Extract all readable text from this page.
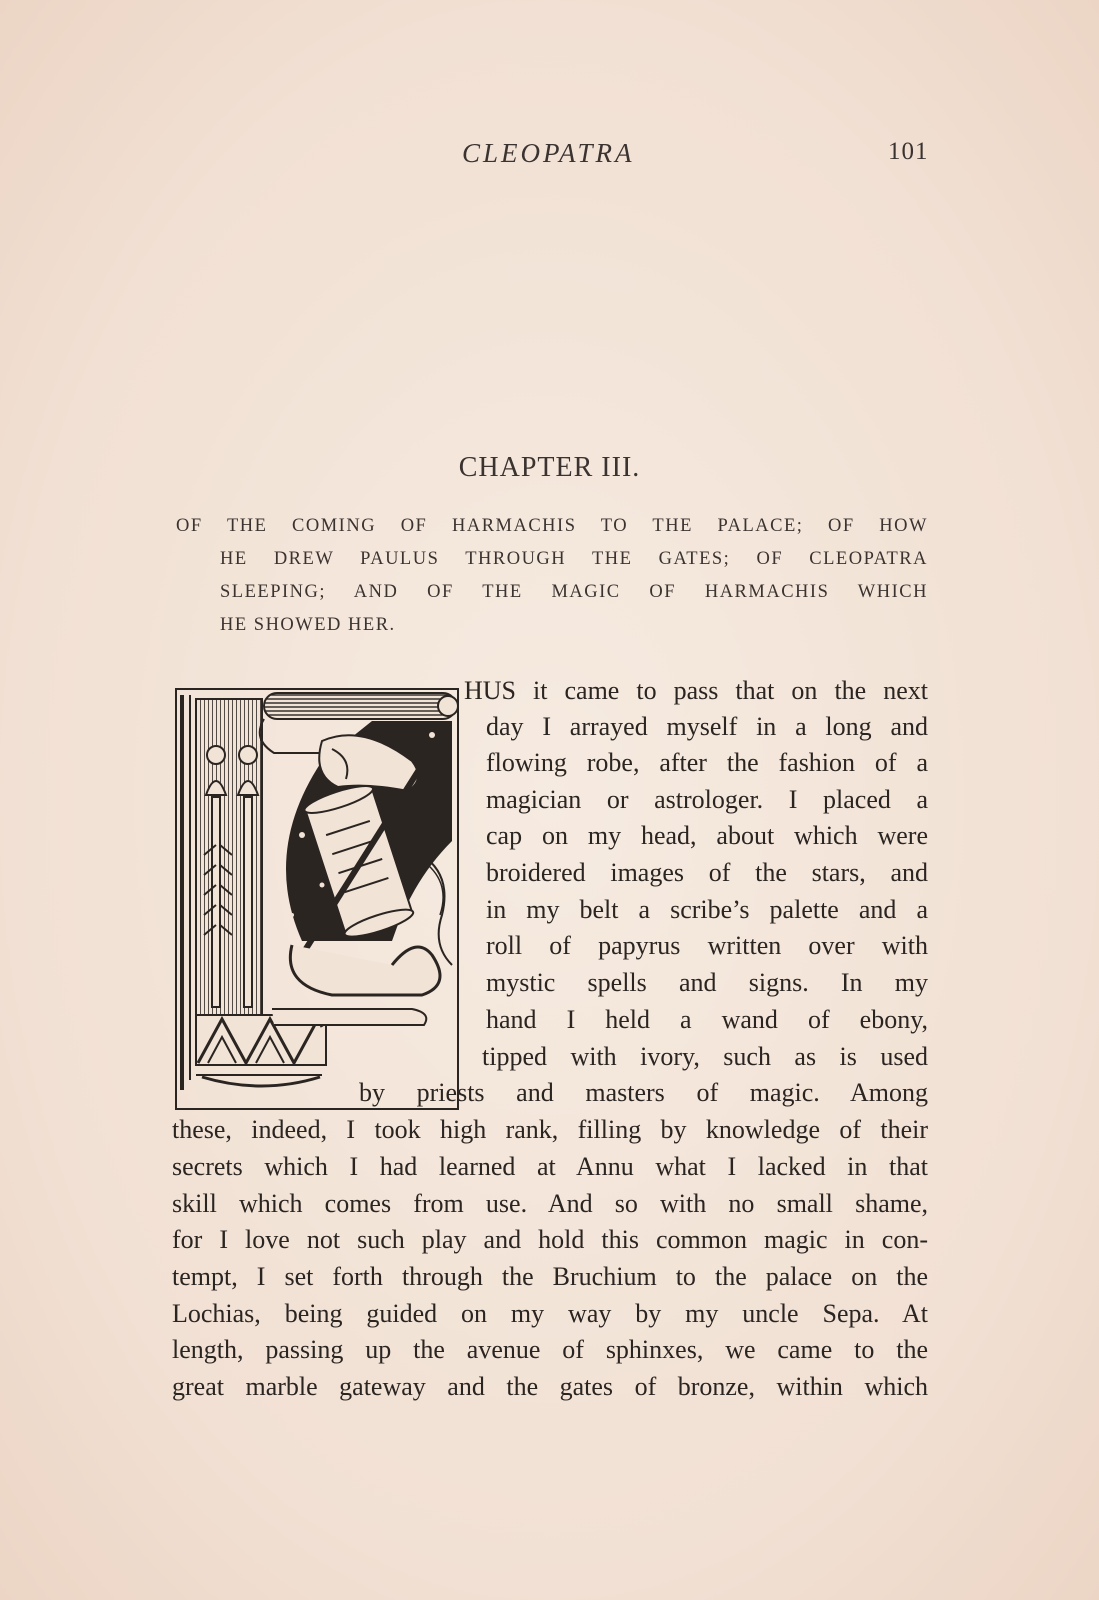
CLEOPATRA	101
CHAPTER III.
OF THE COMING OF HARMACHIS TO THE PALACE; OF HOW
HE DREW PAULUS THROUGH THE GATES; OF CLEOPATRA
SLEEPING; AND OF THE MAGIC OF HARMACHIS WHICH
HE SHOWED HER.
HUS it came to pass that on the next
day I arrayed myself in a long and
flowing robe, after the fashion of a
magician or astrologer. I placed a
cap on my head, about which were
broidered images of the stars, and
in my belt a scribe’s palette and a
roll of papyrus written over with
mystic spells and signs. In my
hand I held a wand of ebony,
tipped with ivory, such as is used
by priests and masters of magic. Among
these, indeed, I took high rank, filling by knowledge of their
secrets which I had learned at Annu what I lacked in that
skill which comes from use. And so with no small shame,
for I love not such play and hold this common magic in con-
tempt, I set forth through the Bruchium to the palace on the
Lochias, being guided on my way by my uncle Sepa. At
length, passing up the avenue of sphinxes, we came to the
great marble gateway and the gates of bronze, within which
